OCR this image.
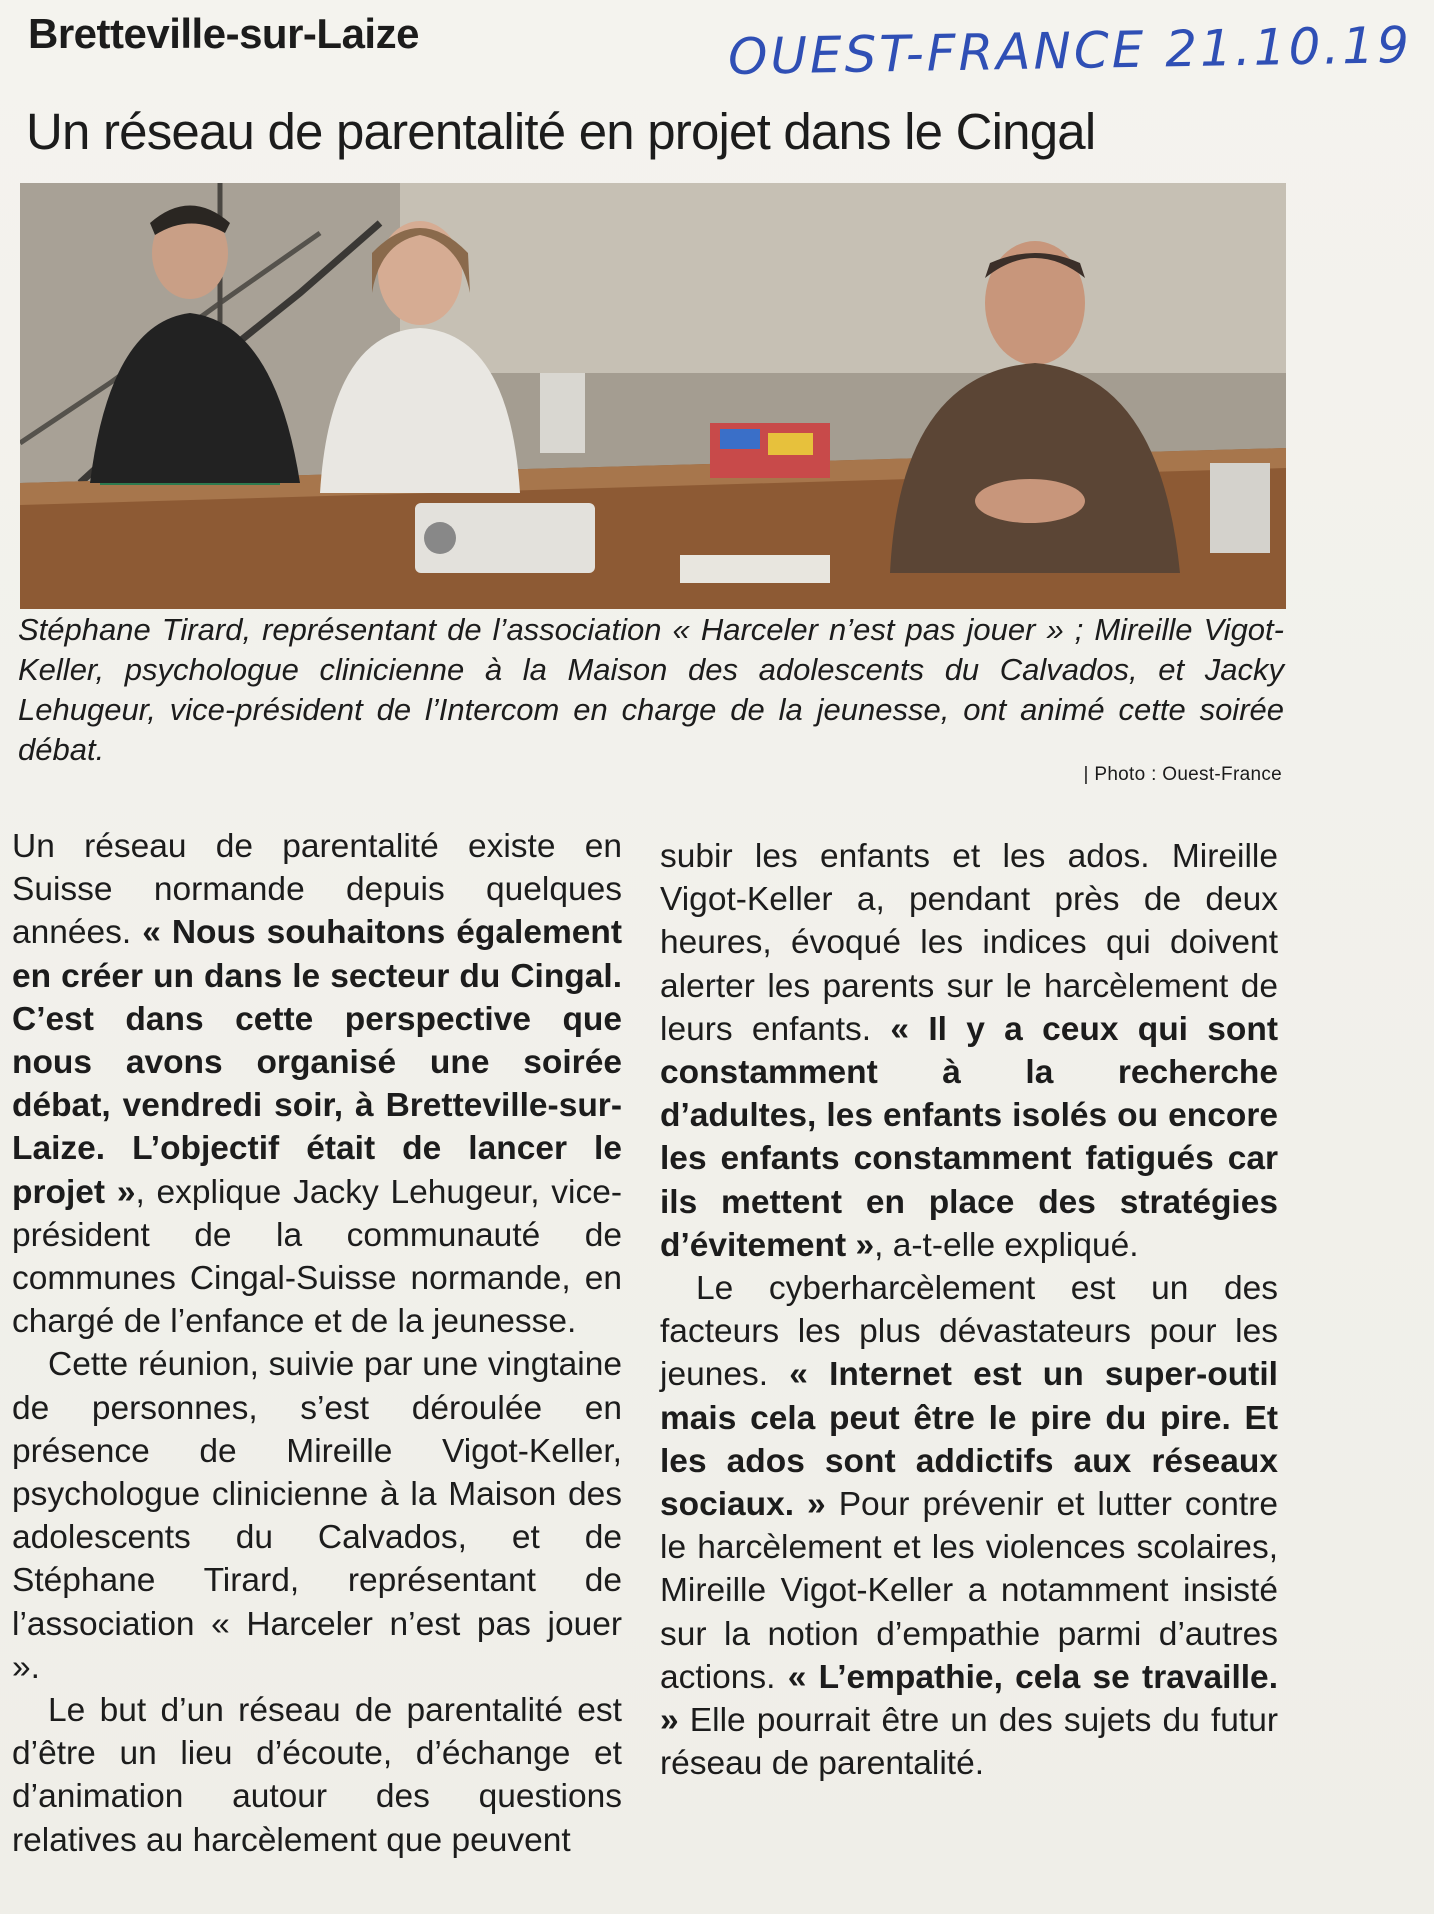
Bretteville-sur-Laize	OUEST-FRANCE 21.10.19
Un réseau de parentalité en projet dans le Cingal
Stéphane Tirard, représentant de l’association « Harceler n’est pas jouer » ; Mireille Vigot-Keller, psychologue clinicienne à la Maison des adolescents du Calvados, et Jacky Lehugeur, vice-président de l’Intercom en charge de la jeunesse, ont animé cette soirée débat.
| Photo : Ouest-France

Un réseau de parentalité existe en Suisse normande depuis quelques années. « Nous souhaitons également en créer un dans le secteur du Cingal. C’est dans cette perspective que nous avons organisé une soirée débat, vendredi soir, à Bretteville-sur-Laize. L’objectif était de lancer le projet », explique Jacky Lehugeur, vice-président de la communauté de communes Cingal-Suisse normande, en chargé de l’enfance et de la jeunesse.

Cette réunion, suivie par une vingtaine de personnes, s’est déroulée en présence de Mireille Vigot-Keller, psychologue clinicienne à la Maison des adolescents du Calvados, et de Stéphane Tirard, représentant de l’association « Harceler n’est pas jouer ».

Le but d’un réseau de parentalité est d’être un lieu d’écoute, d’échange et d’animation autour des questions relatives au harcèlement que peuvent

subir les enfants et les ados. Mireille Vigot-Keller a, pendant près de deux heures, évoqué les indices qui doivent alerter les parents sur le harcèlement de leurs enfants. « Il y a ceux qui sont constamment à la recherche d’adultes, les enfants isolés ou encore les enfants constamment fatigués car ils mettent en place des stratégies d’évitement », a-t-elle expliqué.

Le cyberharcèlement est un des facteurs les plus dévastateurs pour les jeunes. « Internet est un super-outil mais cela peut être le pire du pire. Et les ados sont addictifs aux réseaux sociaux. » Pour prévenir et lutter contre le harcèlement et les violences scolaires, Mireille Vigot-Keller a notamment insisté sur la notion d’empathie parmi d’autres actions. « L’empathie, cela se travaille. » Elle pourrait être un des sujets du futur réseau de parentalité.
